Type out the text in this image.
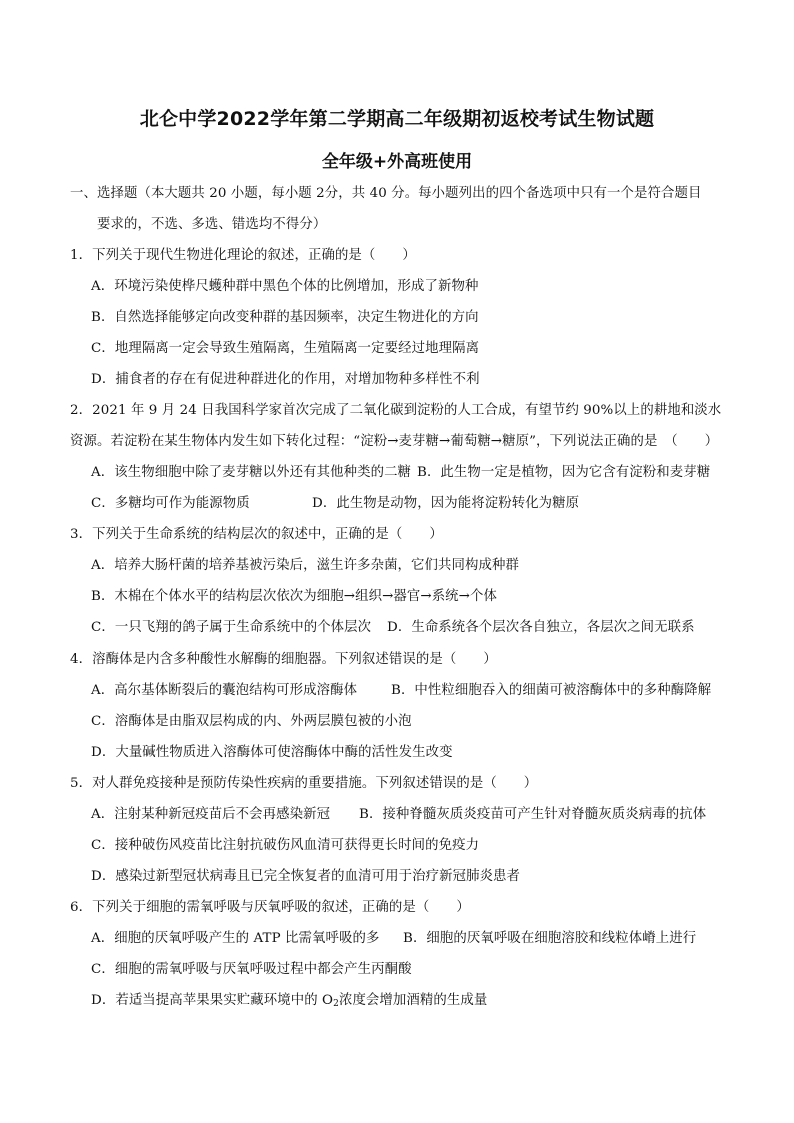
北仑中学2022学年第二学期高二年级期初返校考试生物试题
全年级+外高班使用
一、选择题（本大题共 20 小题，每小题 2分，共 40 分。每小题列出的四个备选项中只有一个是符合题目
要求的，不选、多选、错选均不得分）
1．下列关于现代生物进化理论的叙述，正确的是（　　）
A．环境污染使桦尺蠖种群中黑色个体的比例增加，形成了新物种
B．自然选择能够定向改变种群的基因频率，决定生物进化的方向
C．地理隔离一定会导致生殖隔离，生殖隔离一定要经过地理隔离
D．捕食者的存在有促进种群进化的作用，对增加物种多样性不利
2．2021 年 9 月 24 日我国科学家首次完成了二氧化碳到淀粉的人工合成，有望节约 90%以上的耕地和淡水
资源。若淀粉在某生物体内发生如下转化过程：“淀粉→麦芽糖→葡萄糖→糖原”，下列说法正确的是　（　　）
A．该生物细胞中除了麦芽糖以外还有其他种类的二糖 B．此生物一定是植物，因为它含有淀粉和麦芽糖
C．多糖均可作为能源物质	D．此生物是动物，因为能将淀粉转化为糖原
3．下列关于生命系统的结构层次的叙述中，正确的是（　　）
A．培养大肠杆菌的培养基被污染后，滋生许多杂菌，它们共同构成种群
B．木棉在个体水平的结构层次依次为细胞→组织→器官→系统→个体
C．一只飞翔的鸽子属于生命系统中的个体层次 D．生命系统各个层次各自独立，各层次之间无联系
4．溶酶体是内含多种酸性水解酶的细胞器。下列叙述错误的是（　　）
A．高尔基体断裂后的囊泡结构可形成溶酶体	B．中性粒细胞吞入的细菌可被溶酶体中的多种酶降解
C．溶酶体是由脂双层构成的内、外两层膜包被的小泡
D．大量碱性物质进入溶酶体可使溶酶体中酶的活性发生改变
5．对人群免疫接种是预防传染性疾病的重要措施。下列叙述错误的是（　　）
A．注射某种新冠疫苗后不会再感染新冠 B．接种脊髓灰质炎疫苗可产生针对脊髓灰质炎病毒的抗体
C．接种破伤风疫苗比注射抗破伤风血清可获得更长时间的免疫力
D．感染过新型冠状病毒且已完全恢复者的血清可用于治疗新冠肺炎患者
6．下列关于细胞的需氧呼吸与厌氧呼吸的叙述，正确的是（　　）
A．细胞的厌氧呼吸产生的 ATP 比需氧呼吸的多 B．细胞的厌氧呼吸在细胞溶胶和线粒体嵴上进行
C．细胞的需氧呼吸与厌氧呼吸过程中都会产生丙酮酸
D．若适当提高苹果果实贮藏环境中的 $O_2$浓度会增加酒精的生成量
